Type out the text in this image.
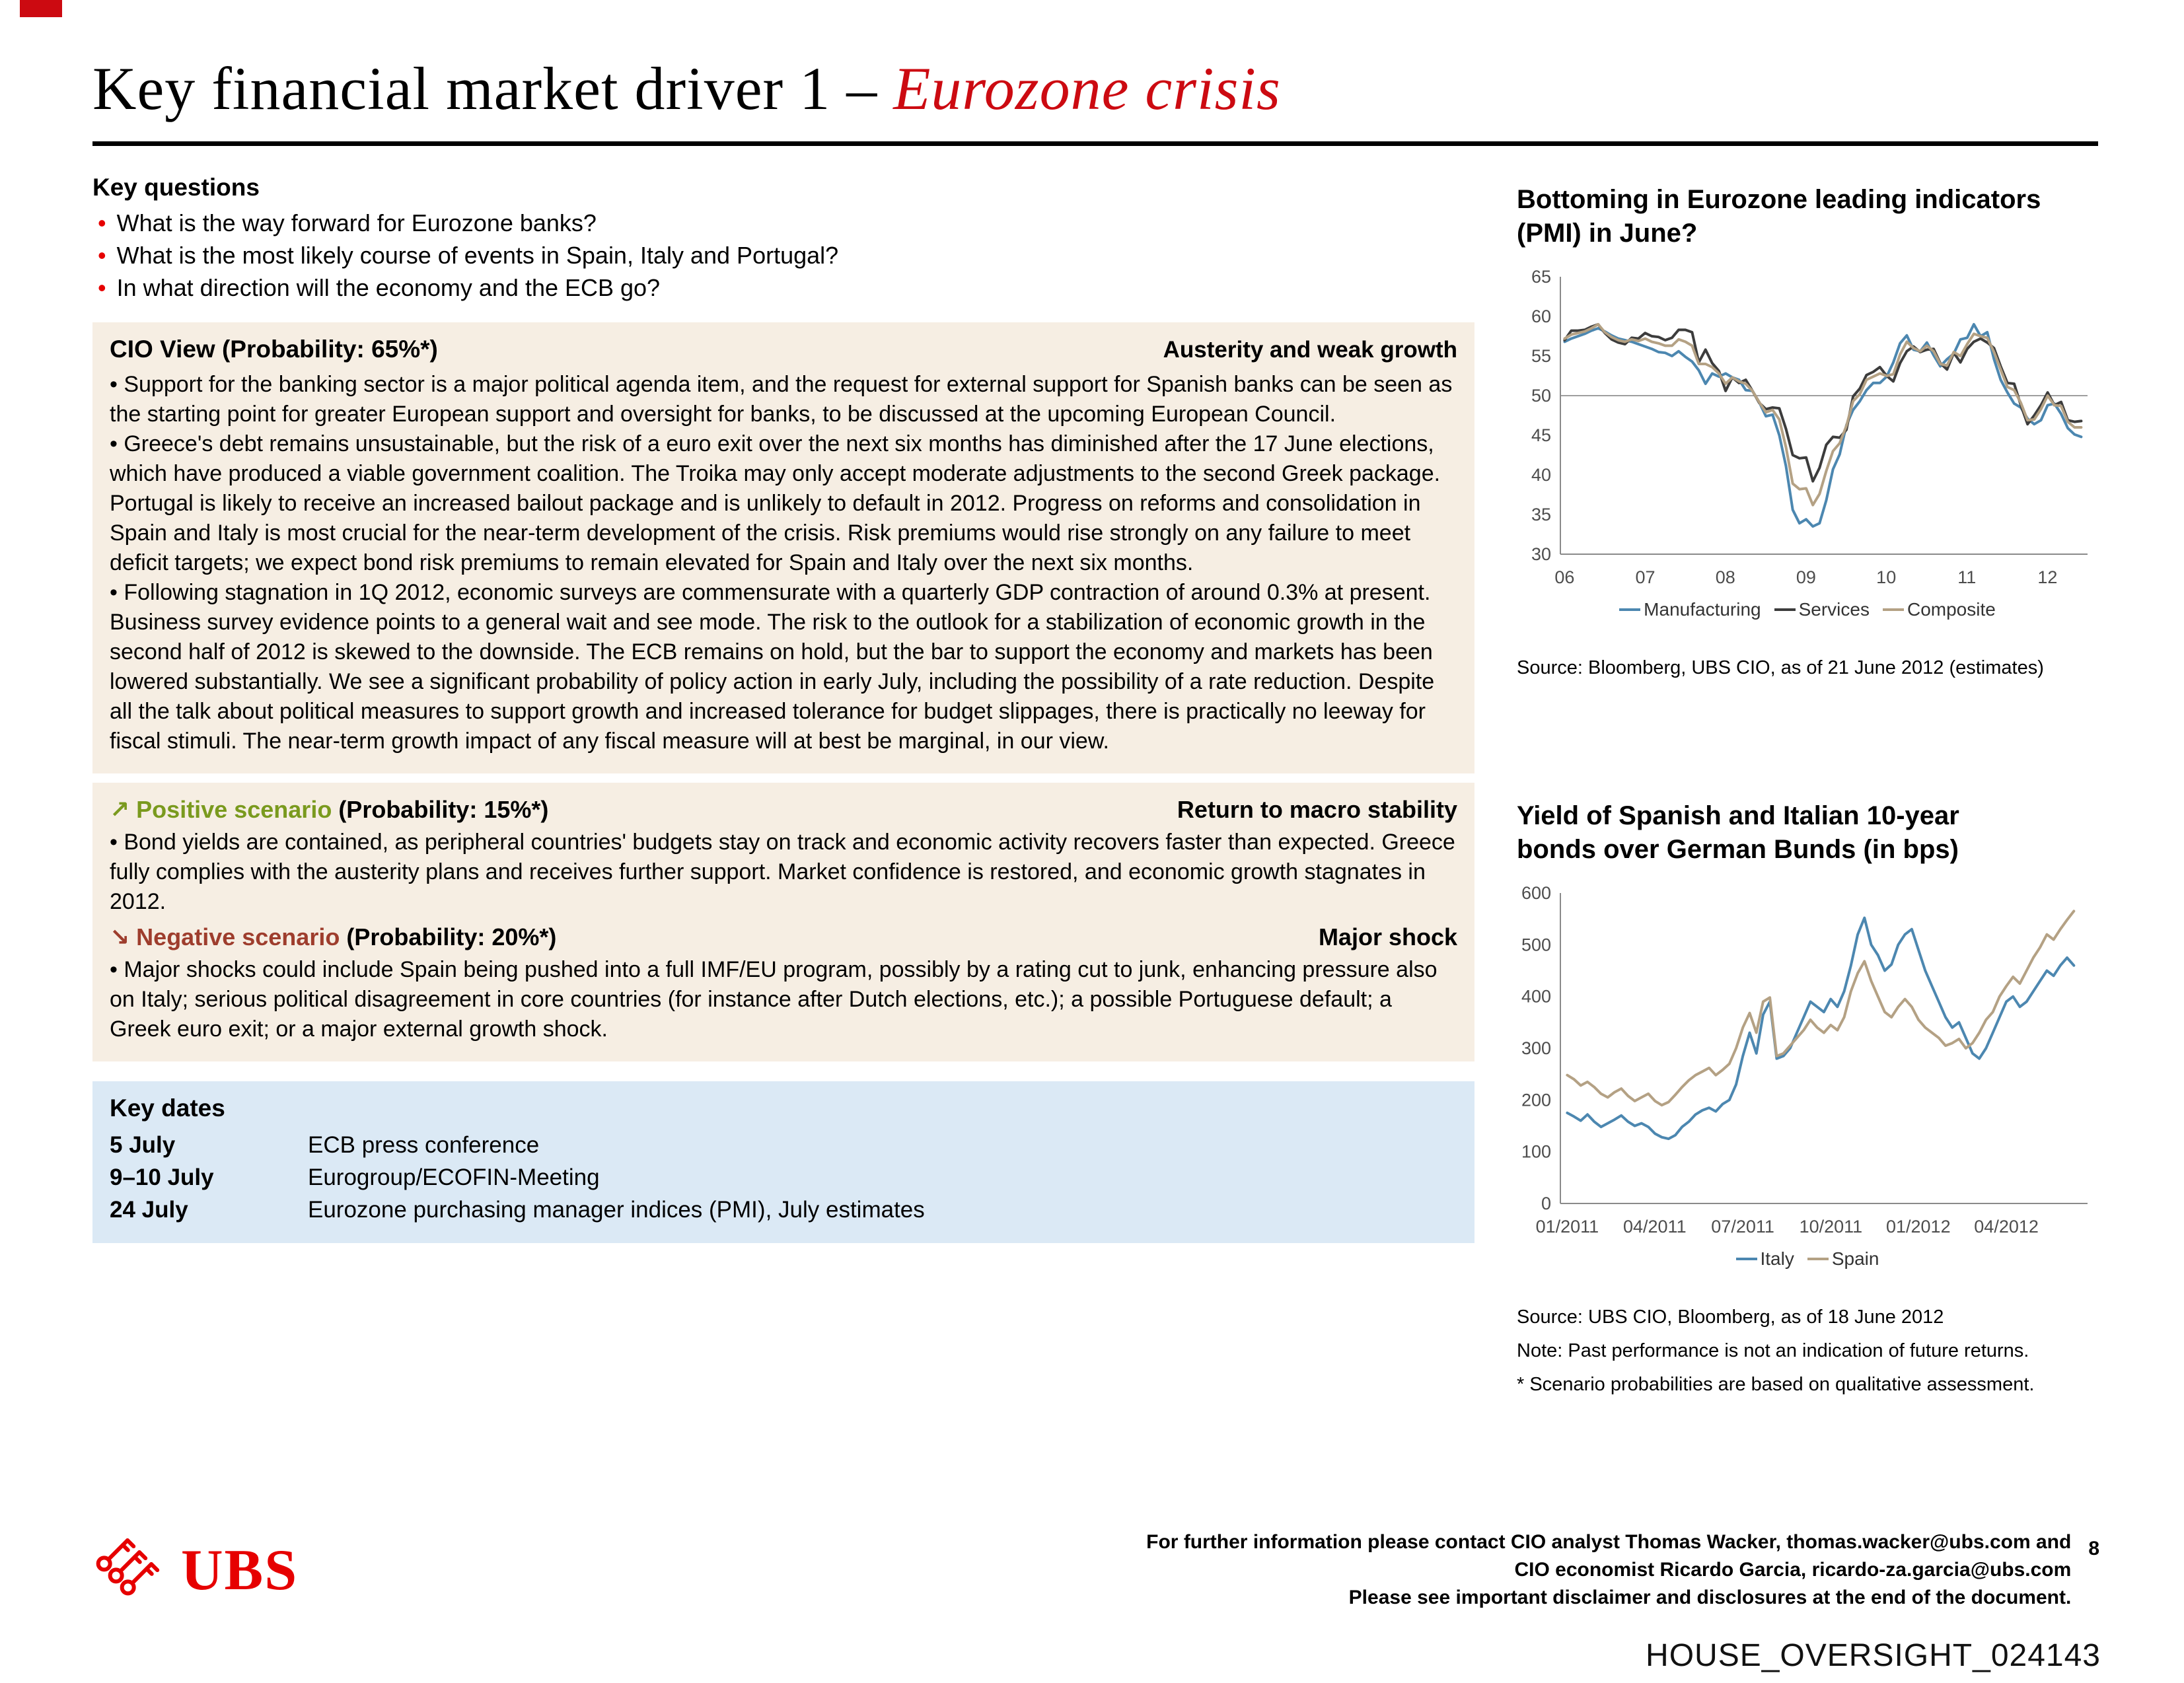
Key financial market driver 1 – Eurozone crisis
Key questions
• What is the way forward for Eurozone banks?
• What is the most likely course of events in Spain, Italy and Portugal?
• In what direction will the economy and the ECB go?
CIO View (Probability: 65%*)	Austerity and weak growth

• Support for the banking sector is a major political agenda item, and the request for external support for Spanish banks can be seen as the starting point for greater European support and oversight for banks, to be discussed at the upcoming European Council.

• Greece's debt remains unsustainable, but the risk of a euro exit over the next six months has diminished after the 17 June elections, which have produced a viable government coalition. The Troika may only accept moderate adjustments to the second Greek package. Portugal is likely to receive an increased bailout package and is unlikely to default in 2012. Progress on reforms and consolidation in Spain and Italy is most crucial for the near-term development of the crisis. Risk premiums would rise strongly on any failure to meet deficit targets; we expect bond risk premiums to remain elevated for Spain and Italy over the next six months.

• Following stagnation in 1Q 2012, economic surveys are commensurate with a quarterly GDP contraction of around 0.3% at present. Business survey evidence points to a general wait and see mode. The risk to the outlook for a stabilization of economic growth in the second half of 2012 is skewed to the downside. The ECB remains on hold, but the bar to support the economy and markets has been lowered substantially. We see a significant probability of policy action in early July, including the possibility of a rate reduction. Despite all the talk about political measures to support growth and increased tolerance for budget slippages, there is practically no leeway for fiscal stimuli. The near-term growth impact of any fiscal measure will at best be marginal, in our view.

↗ Positive scenario (Probability: 15%*)	Return to macro stability

• Bond yields are contained, as peripheral countries' budgets stay on track and economic activity recovers faster than expected. Greece fully complies with the austerity plans and receives further support. Market confidence is restored, and economic growth stagnates in 2012.

↘ Negative scenario (Probability: 20%*)	Major shock

• Major shocks could include Spain being pushed into a full IMF/EU program, possibly by a rating cut to junk, enhancing pressure also on Italy; serious political disagreement in core countries (for instance after Dutch elections, etc.); a possible Portuguese default; a Greek euro exit; or a major external growth shock.

Key dates
5 July	ECB press conference
9–10 July	Eurogroup/ECOFIN-Meeting
24 July	Eurozone purchasing manager indices (PMI), July estimates
Bottoming in Eurozone leading indicators (PMI) in June?
30
35
40
45
50
55
60
65
06	07	08	09	10	11	12
Manufacturing Services Composite
Source: Bloomberg, UBS CIO, as of 21 June 2012 (estimates)
Yield of Spanish and Italian 10-year bonds over German Bunds (in bps)
0
100
200
300
400
500
600
01/2011 04/2011 07/2011 10/2011 01/2012 04/2012
Italy Spain
Source: UBS CIO, Bloomberg, as of 18 June 2012
Note: Past performance is not an indication of future returns.
* Scenario probabilities are based on qualitative assessment.
UBS	For further information please contact CIO analyst Thomas Wacker, thomas.wacker@ubs.com and
CIO economist Ricardo Garcia, ricardo-za.garcia@ubs.com
Please see important disclaimer and disclosures at the end of the document.
8
HOUSE_OVERSIGHT_024143
